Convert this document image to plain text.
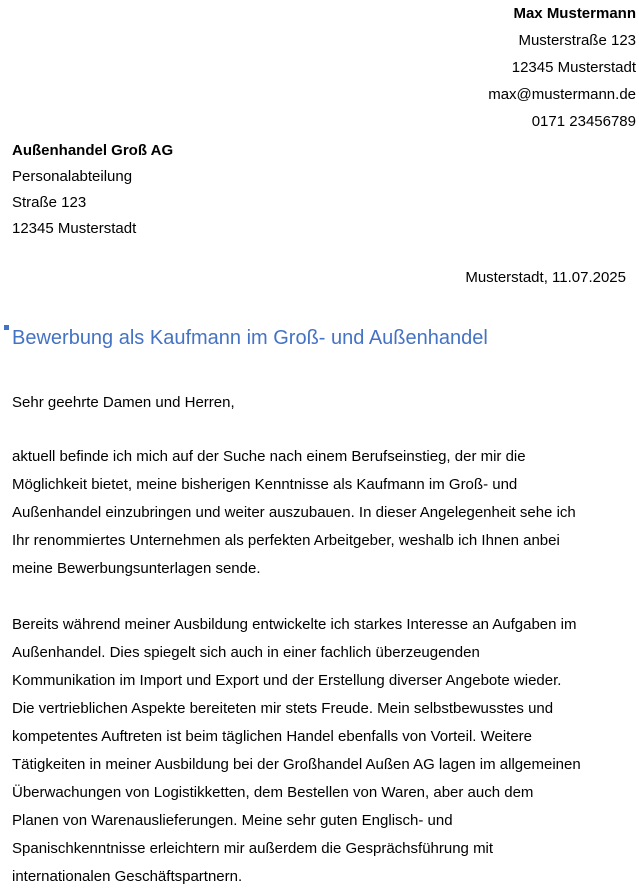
Max Mustermann
Musterstraße 123
12345 Musterstadt
max@mustermann.de
0171 23456789
Außenhandel Groß AG
Personalabteilung
Straße 123
12345 Musterstadt
Musterstadt, 11.07.2025
Bewerbung als Kaufmann im Groß- und Außenhandel
Sehr geehrte Damen und Herren,

aktuell befinde ich mich auf der Suche nach einem Berufseinstieg, der mir die
Möglichkeit bietet, meine bisherigen Kenntnisse als Kaufmann im Groß- und
Außenhandel einzubringen und weiter auszubauen. In dieser Angelegenheit sehe ich
Ihr renommiertes Unternehmen als perfekten Arbeitgeber, weshalb ich Ihnen anbei
meine Bewerbungsunterlagen sende.

Bereits während meiner Ausbildung entwickelte ich starkes Interesse an Aufgaben im
Außenhandel. Dies spiegelt sich auch in einer fachlich überzeugenden
Kommunikation im Import und Export und der Erstellung diverser Angebote wieder.
Die vertrieblichen Aspekte bereiteten mir stets Freude. Mein selbstbewusstes und
kompetentes Auftreten ist beim täglichen Handel ebenfalls von Vorteil. Weitere
Tätigkeiten in meiner Ausbildung bei der Großhandel Außen AG lagen im allgemeinen
Überwachungen von Logistikketten, dem Bestellen von Waren, aber auch dem
Planen von Warenauslieferungen. Meine sehr guten Englisch- und
Spanischkenntnisse erleichtern mir außerdem die Gesprächsführung mit
internationalen Geschäftspartnern.
